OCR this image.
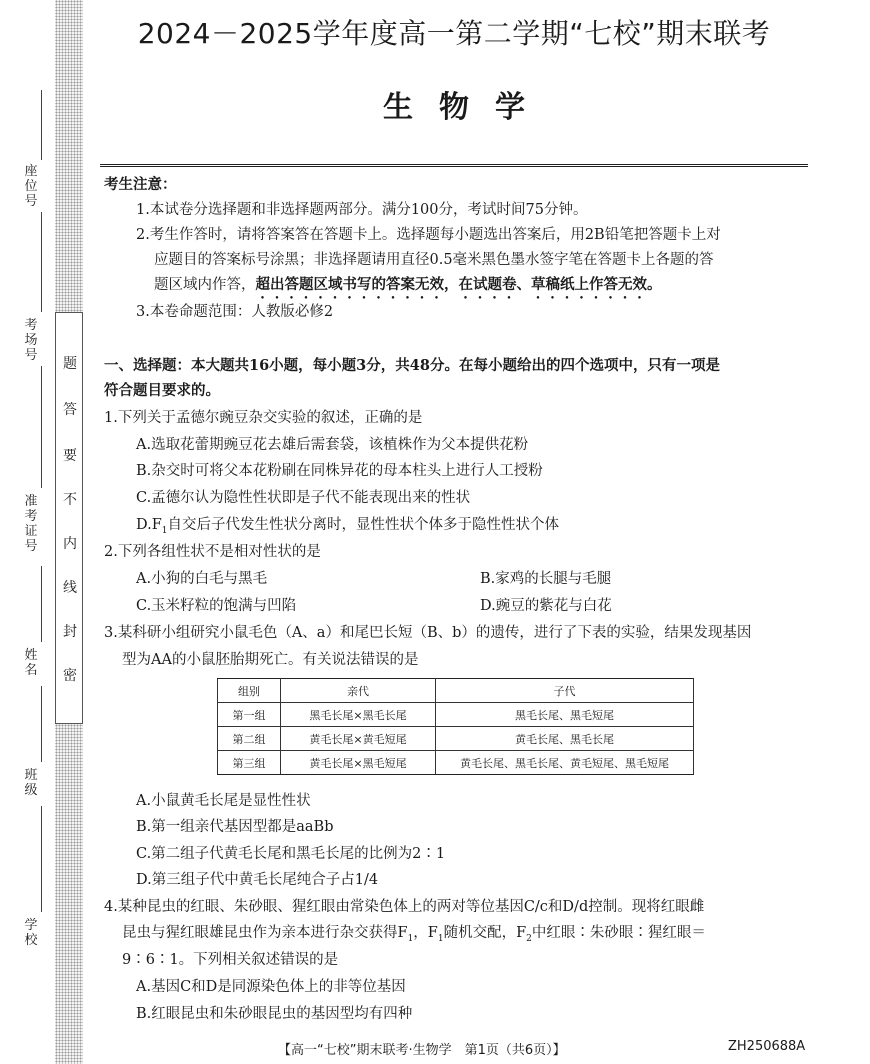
题
答
要
不
内
线
封
密
座位号
考场号
准考证号
姓名
班级
学校
2024－2025学年度高一第二学期“七校”期末联考
生物学
考生注意：
1.本试卷分选择题和非选择题两部分。满分100分，考试时间75分钟。
2.考生作答时，请将答案答在答题卡上。选择题每小题选出答案后，用2B铅笔把答题卡上对
应题目的答案标号涂黑；非选择题请用直径0.5毫米黑色墨水签字笔在答题卡上各题的答
题区域内作答，超出答题区域书写的答案无效，在试题卷、草稿纸上作答无效。
3.本卷命题范围：人教版必修2
一、选择题：本大题共16小题，每小题3分，共48分。在每小题给出的四个选项中，只有一项是
符合题目要求的。
1.下列关于孟德尔豌豆杂交实验的叙述，正确的是
A.选取花蕾期豌豆花去雄后需套袋，该植株作为父本提供花粉
B.杂交时可将父本花粉刷在同株异花的母本柱头上进行人工授粉
C.孟德尔认为隐性性状即是子代不能表现出来的性状
$D.F_1$自交后子代发生性状分离时，显性性状个体多于隐性性状个体
2.下列各组性状不是相对性状的是
A.小狗的白毛与黑毛	B.家鸡的长腿与毛腿
C.玉米籽粒的饱满与凹陷	D.豌豆的紫花与白花
3.某科研小组研究小鼠毛色（A、a）和尾巴长短（B、b）的遗传，进行了下表的实验，结果发现基因
型为AA的小鼠胚胎期死亡。有关说法错误的是
组别	亲代	子代
第一组	黑毛长尾×黑毛长尾	黑毛长尾、黑毛短尾
第二组	黄毛长尾×黄毛短尾	黄毛长尾、黑毛长尾
第三组	黄毛长尾×黑毛短尾	黄毛长尾、黑毛长尾、黄毛短尾、黑毛短尾
A.小鼠黄毛长尾是显性性状
B.第一组亲代基因型都是aaBb
C.第二组子代黄毛长尾和黑毛长尾的比例为2∶1
D.第三组子代中黄毛长尾纯合子占1/4
4.某种昆虫的红眼、朱砂眼、猩红眼由常染色体上的两对等位基因C/c和D/d控制。现将红眼雌
昆虫与猩红眼雄昆虫作为亲本进行杂交获得$F_1$，$F_1$随机交配，$F_2$中红眼∶朱砂眼∶猩红眼＝
9∶6∶1。下列相关叙述错误的是
A.基因C和D是同源染色体上的非等位基因
B.红眼昆虫和朱砂眼昆虫的基因型均有四种
【高一“七校”期末联考·生物学　第1页（共6页）】	ZH250688A
